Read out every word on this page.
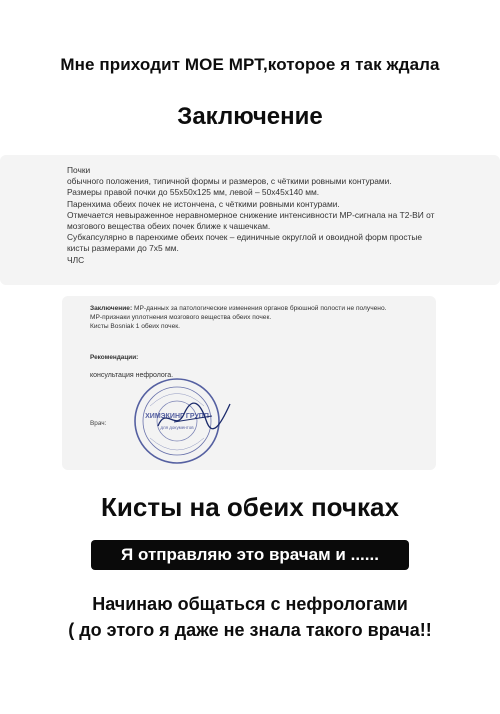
Мне приходит МОЕ МРТ,которое я так ждала
Заключение
Почки
обычного положения, типичной формы и размеров, с чёткими ровными контурами.
Размеры правой почки до 55х50х125 мм, левой – 50х45х140 мм.
Паренхима обеих почек не истончена, с чёткими ровными контурами.
Отмечается невыраженное неравномерное снижение интенсивности МР-сигнала на Т2-ВИ от
мозгового вещества обеих почек ближе к чашечкам.
Субкапсулярно в паренхиме обеих почек – единичные округлой и овоидной форм простые
кисты размерами до 7х5 мм.
ЧЛС
Заключение: МР-данных за патологические изменения органов брюшной полости не получено.
МР-признаки уплотнения мозгового вещества обеих почек.
Кисты Bosniak 1 обеих почек.
Рекомендации:
консультация нефролога.
Врач:
ХИМЭКИНГ ГРУПП
для документов
Кисты на обеих почках
Я отправляю это врачам и ......
Начинаю общаться с нефрологами
( до этого я даже не знала такого врача!!
